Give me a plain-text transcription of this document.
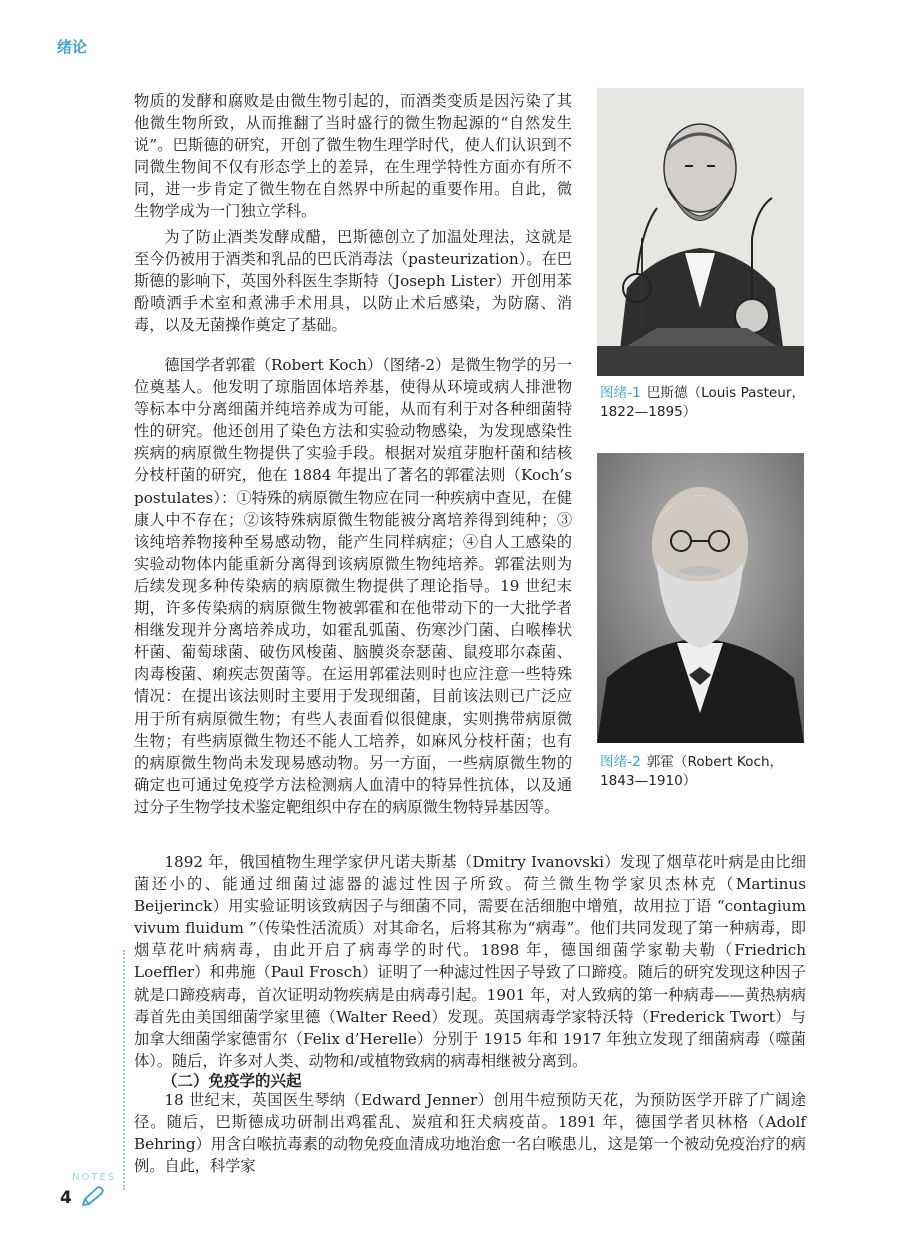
绪论

物质的发酵和腐败是由微生物引起的，而酒类变质是因污染了其他微生物所致，从而推翻了当时盛行的微生物起源的“自然发生说”。巴斯德的研究，开创了微生物生理学时代，使人们认识到不同微生物间不仅有形态学上的差异，在生理学特性方面亦有所不同，进一步肯定了微生物在自然界中所起的重要作用。自此，微生物学成为一门独立学科。

为了防止酒类发酵成醋，巴斯德创立了加温处理法，这就是至今仍被用于酒类和乳品的巴氏消毒法（pasteurization）。在巴斯德的影响下，英国外科医生李斯特（Joseph Lister）开创用苯酚喷洒手术室和煮沸手术用具，以防止术后感染，为防腐、消毒，以及无菌操作奠定了基础。

德国学者郭霍（Robert Koch）（图绪-2）是微生物学的另一位奠基人。他发明了琼脂固体培养基，使得从环境或病人排泄物等标本中分离细菌并纯培养成为可能，从而有利于对各种细菌特性的研究。他还创用了染色方法和实验动物感染，为发现感染性疾病的病原微生物提供了实验手段。根据对炭疽芽胞杆菌和结核分枝杆菌的研究，他在 1884 年提出了著名的郭霍法则（Koch’s postulates）：①特殊的病原微生物应在同一种疾病中查见，在健康人中不存在；②该特殊病原微生物能被分离培养得到纯种；③该纯培养物接种至易感动物，能产生同样病症；④自人工感染的实验动物体内能重新分离得到该病原微生物纯培养。郭霍法则为后续发现多种传染病的病原微生物提供了理论指导。19 世纪末期，许多传染病的病原微生物被郭霍和在他带动下的一大批学者相继发现并分离培养成功，如霍乱弧菌、伤寒沙门菌、白喉棒状杆菌、葡萄球菌、破伤风梭菌、脑膜炎奈瑟菌、鼠疫耶尔森菌、肉毒梭菌、痢疾志贺菌等。在运用郭霍法则时也应注意一些特殊情况：在提出该法则时主要用于发现细菌，目前该法则已广泛应用于所有病原微生物；有些人表面看似很健康，实则携带病原微生物；有些病原微生物还不能人工培养，如麻风分枝杆菌；也有的病原微生物尚未发现易感动物。另一方面，一些病原微生物的确定也可通过免疫学方法检测病人血清中的特异性抗体，以及通过分子生物学技术鉴定靶组织中存在的病原微生物特异基因等。

1892 年，俄国植物生理学家伊凡诺夫斯基（Dmitry Ivanovski）发现了烟草花叶病是由比细菌还小的、能通过细菌过滤器的滤过性因子所致。荷兰微生物学家贝杰林克（Martinus Beijerinck）用实验证明该致病因子与细菌不同，需要在活细胞中增殖，故用拉丁语 “contagium vivum fluidum ”（传染性活流质）对其命名，后将其称为“病毒”。他们共同发现了第一种病毒，即烟草花叶病病毒，由此开启了病毒学的时代。1898 年，德国细菌学家勒夫勒（Friedrich Loeffler）和弗施（Paul Frosch）证明了一种滤过性因子导致了口蹄疫。随后的研究发现这种因子就是口蹄疫病毒，首次证明动物疾病是由病毒引起。1901 年，对人致病的第一种病毒——黄热病病毒首先由美国细菌学家里德（Walter Reed）发现。英国病毒学家特沃特（Frederick Twort）与加拿大细菌学家德雷尔（Felix d’Herelle）分别于 1915 年和 1917 年独立发现了细菌病毒（噬菌体）。随后，许多对人类、动物和/或植物致病的病毒相继被分离到。

（二）免疫学的兴起

18 世纪末，英国医生琴纳（Edward Jenner）创用牛痘预防天花，为预防医学开辟了广阔途径。随后，巴斯德成功研制出鸡霍乱、炭疽和狂犬病疫苗。1891 年，德国学者贝林格（Adolf Behring）用含白喉抗毒素的动物免疫血清成功地治愈一名白喉患儿，这是第一个被动免疫治疗的病例。自此，科学家

图绪-1 巴斯德（Louis Pasteur，1822—1895）
图绪-2 郭霍（Robert Koch，1843—1910）
NOTES
4
